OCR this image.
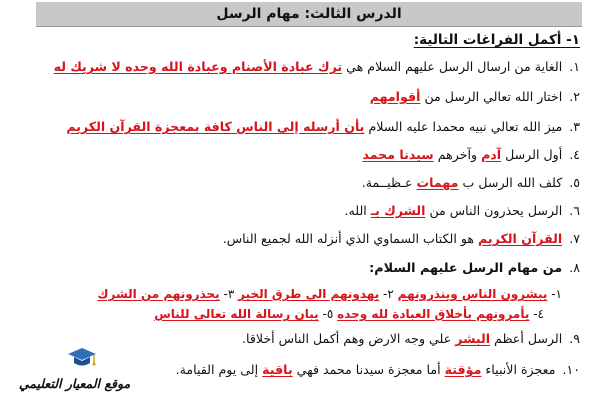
الدرس الثالث: مهام الرسل
١- أكمل الفراغات التالية:
١. الغاية من ارسال الرسل عليهم السلام هي ترك عبادة الأصنام وعبادة الله وحده لا شريك له
٢. اختار الله تعالي الرسل من أقوامهم
٣. ميز الله تعالي نبيه محمدا عليه السلام بأن أرسله إلى الناس كافة بمعجزة القرآن الكريم
٤. أول الرسل آدم وآخرهم سيدنا محمد
٥. كلف الله الرسل ب مهمات عـظيــمة.
٦. الرسل يحذرون الناس من الشرك بـ الله.
٧. القرآن الكريم هو الكتاب السماوي الذي أنزله الله لجميع الناس.
٨. من مهام الرسل عليهم السلام:
١- يبشرون الناس وينذرونهم ٢- يهدونهم الى طرق الخير ٣- يحذرونهم من الشرك
٤- يأمرونهم بأخلاق العبادة لله وحده ٥- يبان رسالة الله تعالى للناس
٩. الرسل أعظم البشر علي وجه الارض وهم أكمل الناس أخلاقا.
١٠. معجزة الأنبياء مؤقتة أما معجزة سيدنا محمد فهي باقية إلى يوم القيامة.
موقع المعيار التعليمي
